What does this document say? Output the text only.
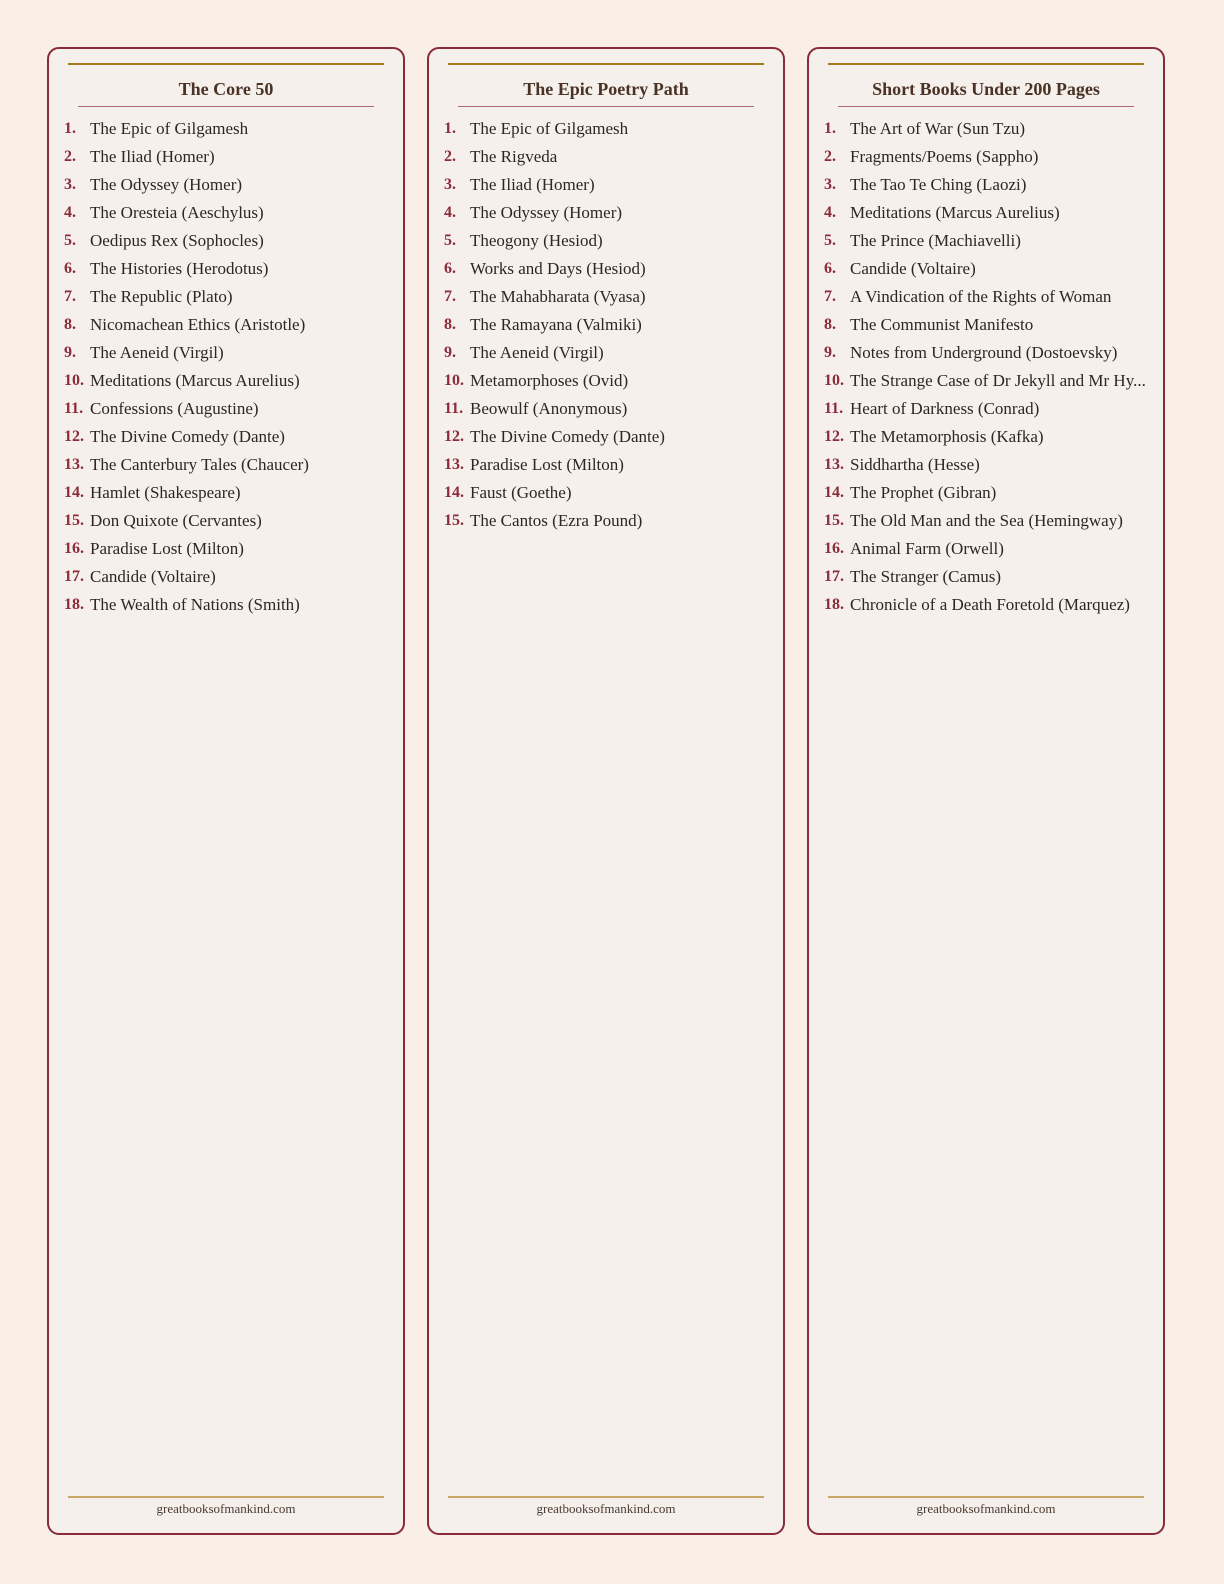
The Core 50
1. The Epic of Gilgamesh
2. The Iliad (Homer)
3. The Odyssey (Homer)
4. The Oresteia (Aeschylus)
5. Oedipus Rex (Sophocles)
6. The Histories (Herodotus)
7. The Republic (Plato)
8. Nicomachean Ethics (Aristotle)
9. The Aeneid (Virgil)
10. Meditations (Marcus Aurelius)
11. Confessions (Augustine)
12. The Divine Comedy (Dante)
13. The Canterbury Tales (Chaucer)
14. Hamlet (Shakespeare)
15. Don Quixote (Cervantes)
16. Paradise Lost (Milton)
17. Candide (Voltaire)
18. The Wealth of Nations (Smith)
greatbooksofmankind.com
The Epic Poetry Path
1. The Epic of Gilgamesh
2. The Rigveda
3. The Iliad (Homer)
4. The Odyssey (Homer)
5. Theogony (Hesiod)
6. Works and Days (Hesiod)
7. The Mahabharata (Vyasa)
8. The Ramayana (Valmiki)
9. The Aeneid (Virgil)
10. Metamorphoses (Ovid)
11. Beowulf (Anonymous)
12. The Divine Comedy (Dante)
13. Paradise Lost (Milton)
14. Faust (Goethe)
15. The Cantos (Ezra Pound)
greatbooksofmankind.com
Short Books Under 200 Pages
1. The Art of War (Sun Tzu)
2. Fragments/Poems (Sappho)
3. The Tao Te Ching (Laozi)
4. Meditations (Marcus Aurelius)
5. The Prince (Machiavelli)
6. Candide (Voltaire)
7. A Vindication of the Rights of Woman
8. The Communist Manifesto
9. Notes from Underground (Dostoevsky)
10. The Strange Case of Dr Jekyll and Mr Hy...
11. Heart of Darkness (Conrad)
12. The Metamorphosis (Kafka)
13. Siddhartha (Hesse)
14. The Prophet (Gibran)
15. The Old Man and the Sea (Hemingway)
16. Animal Farm (Orwell)
17. The Stranger (Camus)
18. Chronicle of a Death Foretold (Marquez)
greatbooksofmankind.com
